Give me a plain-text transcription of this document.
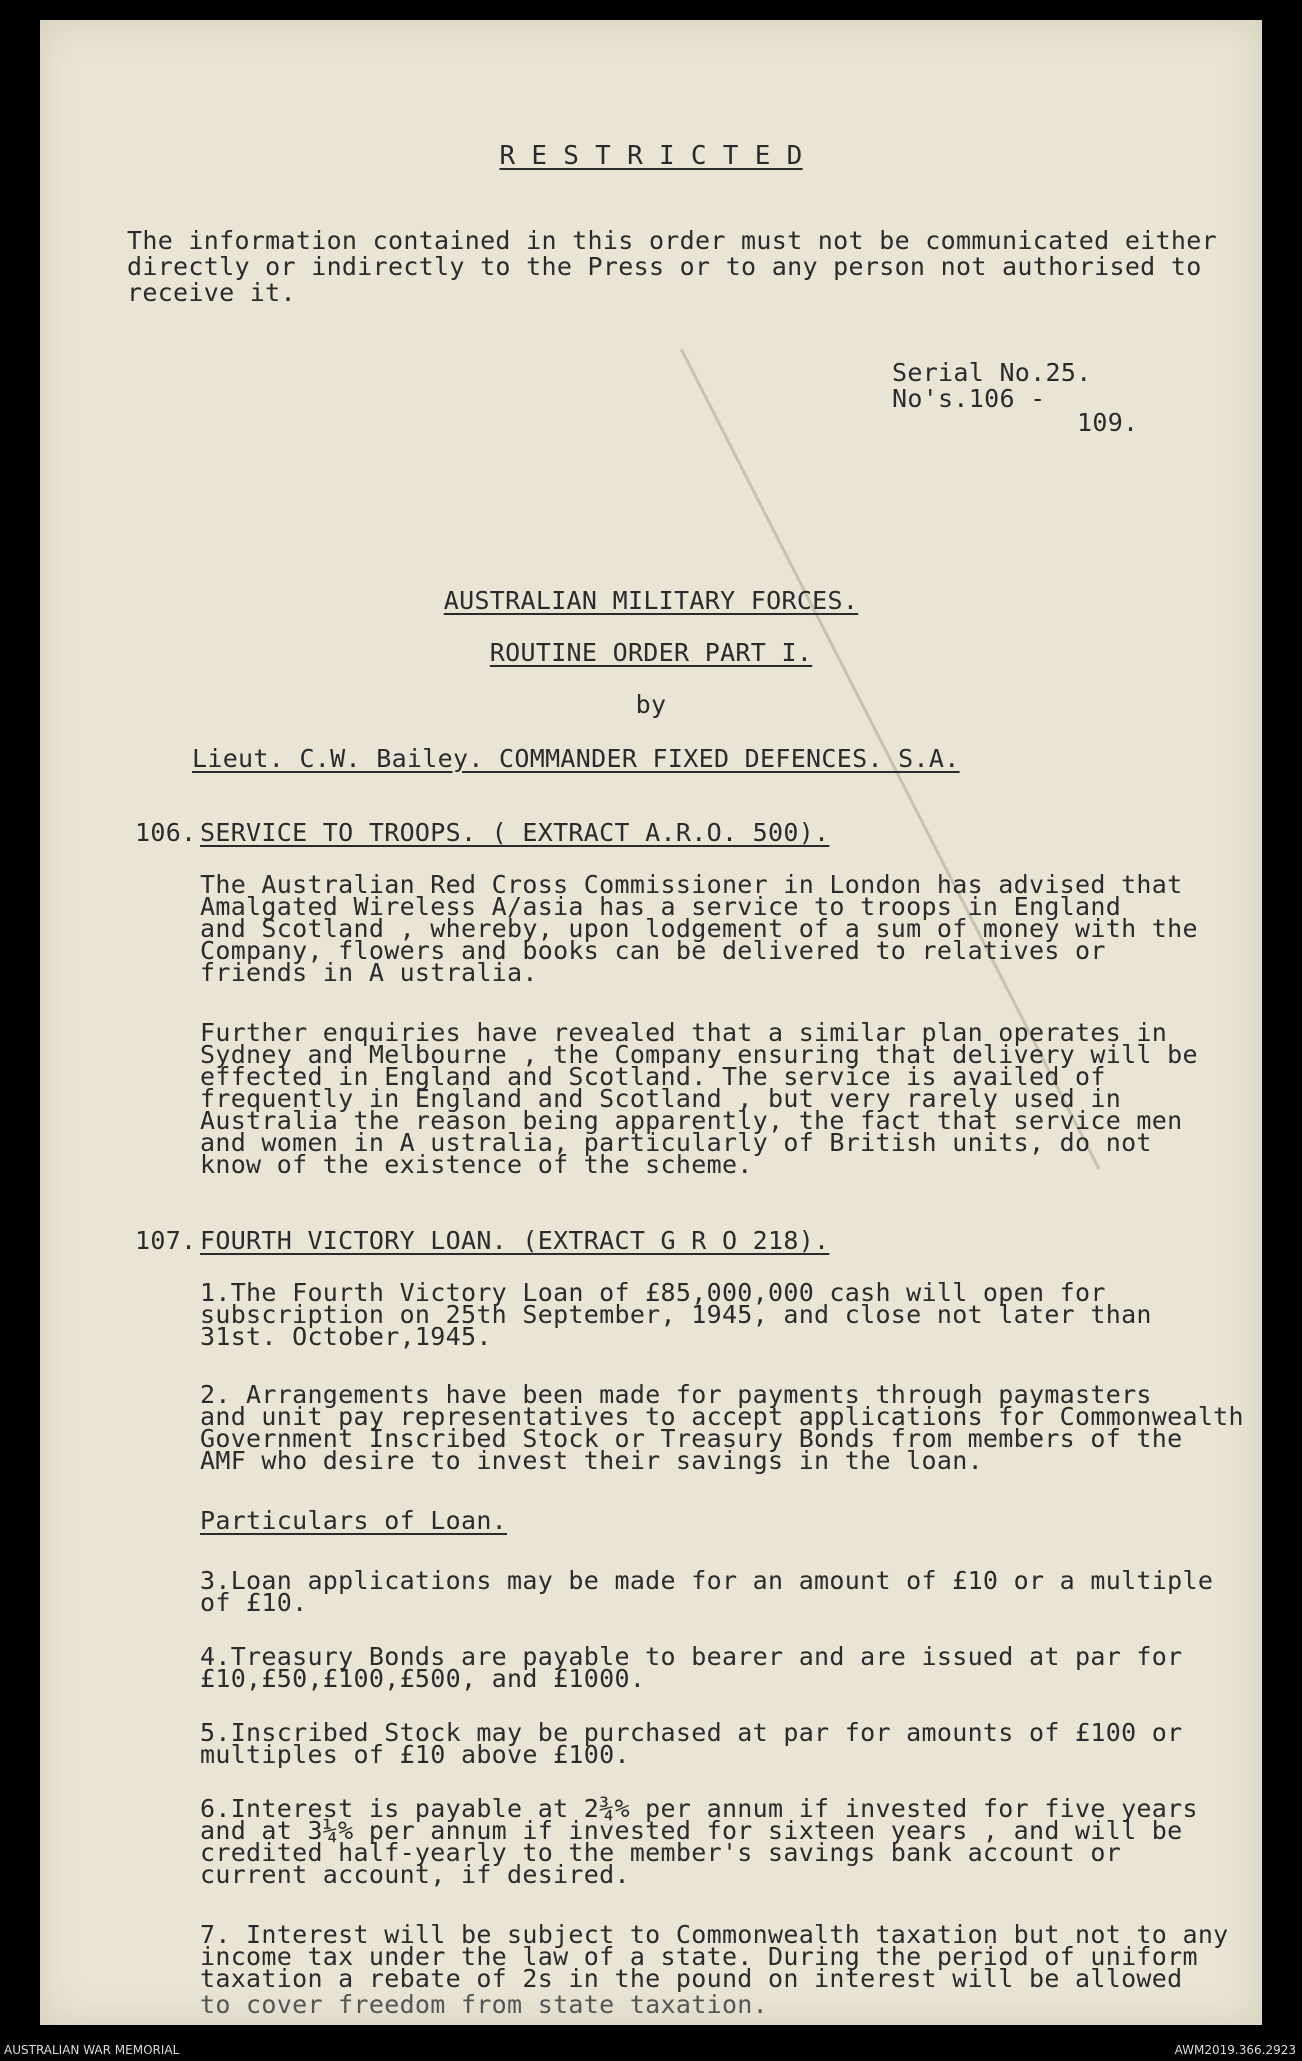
R E S T R I C T E D
The information contained in this order must not be communicated either
directly or indirectly to the Press or to any person not authorised to
receive it.
Serial No.25.
No's.106 -
109.
AUSTRALIAN MILITARY FORCES.
ROUTINE ORDER PART I.
by
Lieut. C.W. Bailey. COMMANDER FIXED DEFENCES. S.A.
106. SERVICE TO TROOPS. ( EXTRACT A.R.O. 500).
The Australian Red Cross Commissioner in London has advised that
Amalgated Wireless A/asia has a service to troops in England
and Scotland , whereby, upon lodgement of a sum of money with the
Company, flowers and books can be delivered to relatives or
friends in A ustralia.
Further enquiries have revealed that a similar plan operates in
Sydney and Melbourne , the Company ensuring that delivery will be
effected in England and Scotland. The service is availed of
frequently in England and Scotland , but very rarely used in
Australia the reason being apparently, the fact that service men
and women in A ustralia, particularly of British units, do not
know of the existence of the scheme.
107. FOURTH VICTORY LOAN. (EXTRACT G R O 218).
1.The Fourth Victory Loan of £85,000,000 cash will open for
subscription on 25th September, 1945, and close not later than
31st. October,1945.
2. Arrangements have been made for payments through paymasters
and unit pay representatives to accept applications for Commonwealth
Government Inscribed Stock or Treasury Bonds from members of the
AMF who desire to invest their savings in the loan.
Particulars of Loan.
3.Loan applications may be made for an amount of £10 or a multiple
of £10.
4.Treasury Bonds are payable to bearer and are issued at par for
£10,£50,£100,£500, and £1000.
5.Inscribed Stock may be purchased at par for amounts of £100 or
multiples of £10 above £100.
6.Interest is payable at 2¾% per annum if invested for five years
and at 3¼% per annum if invested for sixteen years , and will be
credited half-yearly to the member's savings bank account or
current account, if desired.
7. Interest will be subject to Commonwealth taxation but not to any
income tax under the law of a state. During the period of uniform
taxation a rebate of 2s in the pound on interest will be allowed
to cover freedom from state taxation.
AUSTRALIAN WAR MEMORIAL	AWM2019.366.2923
